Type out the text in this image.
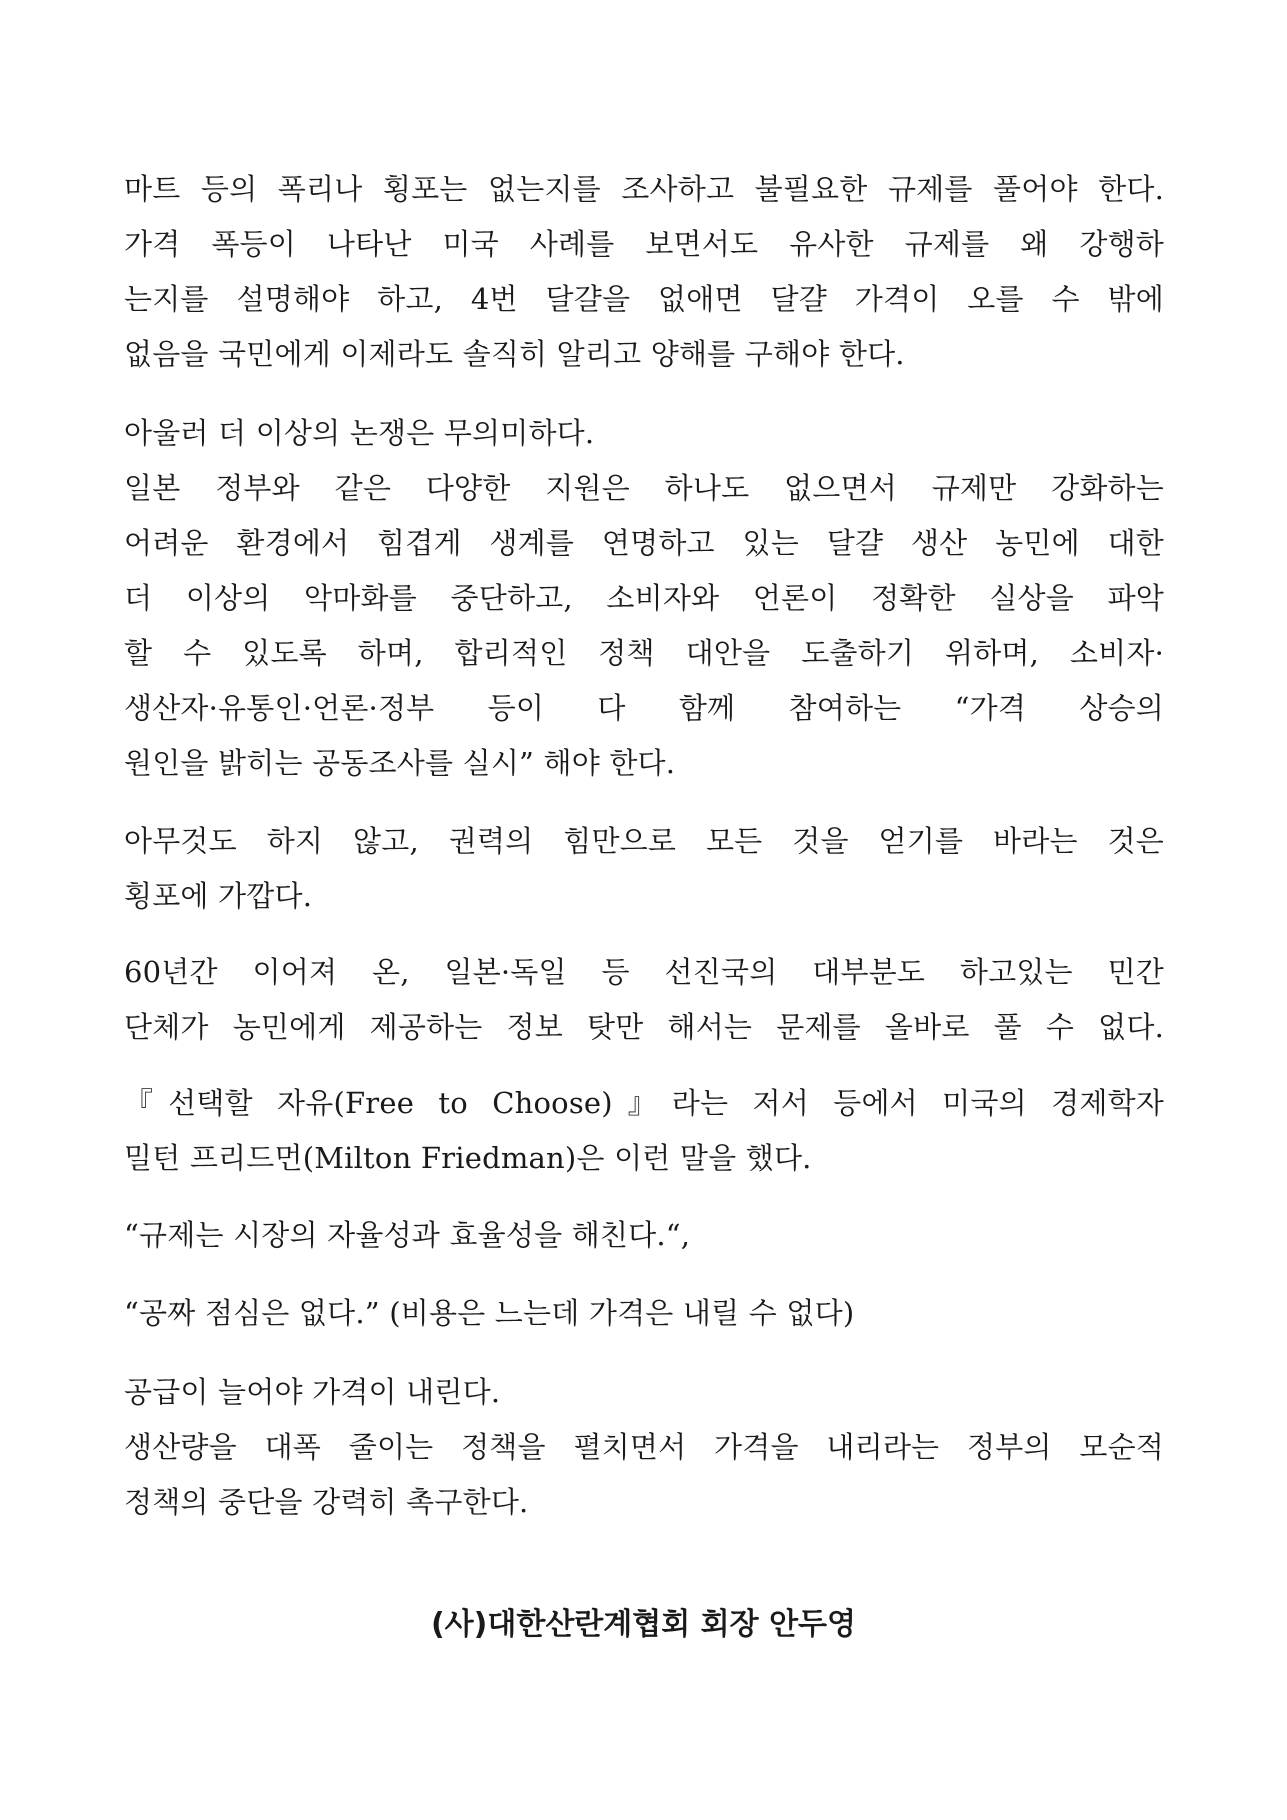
마트 등의 폭리나 횡포는 없는지를 조사하고 불필요한 규제를 풀어야 한다.
가격 폭등이 나타난 미국 사례를 보면서도 유사한 규제를 왜 강행하
는지를 설명해야 하고, 4번 달걀을 없애면 달걀 가격이 오를 수 밖에
없음을 국민에게 이제라도 솔직히 알리고 양해를 구해야 한다.
아울러 더 이상의 논쟁은 무의미하다.
일본 정부와 같은 다양한 지원은 하나도 없으면서 규제만 강화하는
어려운 환경에서 힘겹게 생계를 연명하고 있는 달걀 생산 농민에 대한
더 이상의 악마화를 중단하고, 소비자와 언론이 정확한 실상을 파악
할 수 있도록 하며, 합리적인 정책 대안을 도출하기 위하며, 소비자·
생산자·유통인·언론·정부 등이 다 함께 참여하는 “가격 상승의
원인을 밝히는 공동조사를 실시” 해야 한다.
아무것도 하지 않고, 권력의 힘만으로 모든 것을 얻기를 바라는 것은
횡포에 가깝다.
60년간 이어져 온, 일본·독일 등 선진국의 대부분도 하고있는 민간
단체가 농민에게 제공하는 정보 탓만 해서는 문제를 올바로 풀 수 없다.
『선택할 자유(Free to Choose)』라는 저서 등에서 미국의 경제학자
밀턴 프리드먼(Milton Friedman)은 이런 말을 했다.
“규제는 시장의 자율성과 효율성을 해친다.“,
“공짜 점심은 없다.” (비용은 느는데 가격은 내릴 수 없다)
공급이 늘어야 가격이 내린다.
생산량을 대폭 줄이는 정책을 펼치면서 가격을 내리라는 정부의 모순적
정책의 중단을 강력히 촉구한다.
(사)대한산란계협회 회장 안두영
